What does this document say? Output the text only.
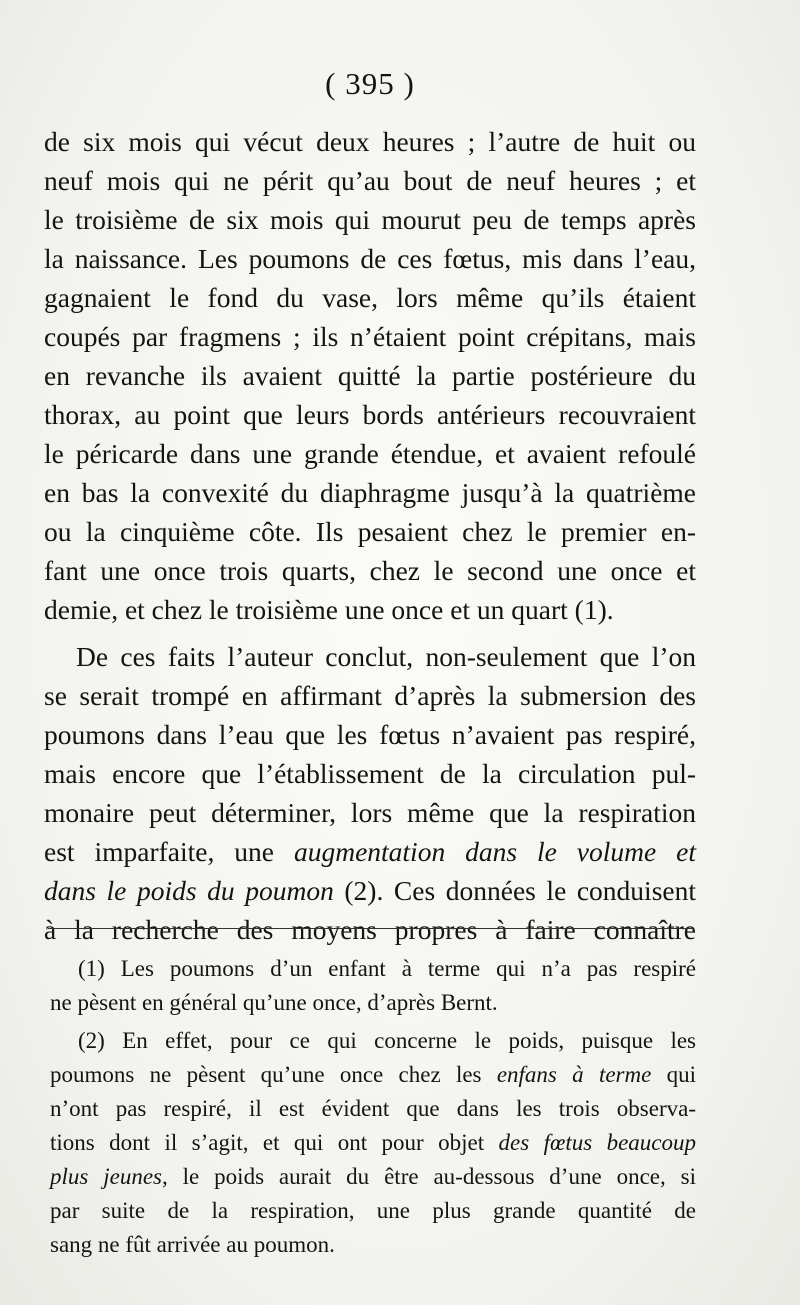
( 395 )
de six mois qui vécut deux heures ; l’autre de huit ou
neuf mois qui ne périt qu’au bout de neuf heures ; et
le troisième de six mois qui mourut peu de temps après
la naissance. Les poumons de ces fœtus, mis dans l’eau,
gagnaient le fond du vase, lors même qu’ils étaient
coupés par fragmens ; ils n’étaient point crépitans, mais
en revanche ils avaient quitté la partie postérieure du
thorax, au point que leurs bords antérieurs recouvraient
le péricarde dans une grande étendue, et avaient refoulé
en bas la convexité du diaphragme jusqu’à la quatrième
ou la cinquième côte. Ils pesaient chez le premier en-
fant une once trois quarts, chez le second une once et
demie, et chez le troisième une once et un quart (1).
De ces faits l’auteur conclut, non-seulement que l’on
se serait trompé en affirmant d’après la submersion des
poumons dans l’eau que les fœtus n’avaient pas respiré,
mais encore que l’établissement de la circulation pul-
monaire peut déterminer, lors même que la respiration
est imparfaite, une augmentation dans le volume et
dans le poids du poumon (2). Ces données le conduisent
à la recherche des moyens propres à faire connaître
(1) Les poumons d’un enfant à terme qui n’a pas respiré
ne pèsent en général qu’une once, d’après Bernt.
(2) En effet, pour ce qui concerne le poids, puisque les
poumons ne pèsent qu’une once chez les enfans à terme qui
n’ont pas respiré, il est évident que dans les trois observa-
tions dont il s’agit, et qui ont pour objet des fœtus beaucoup
plus jeunes, le poids aurait du être au-dessous d’une once, si
par suite de la respiration, une plus grande quantité de
sang ne fût arrivée au poumon.
